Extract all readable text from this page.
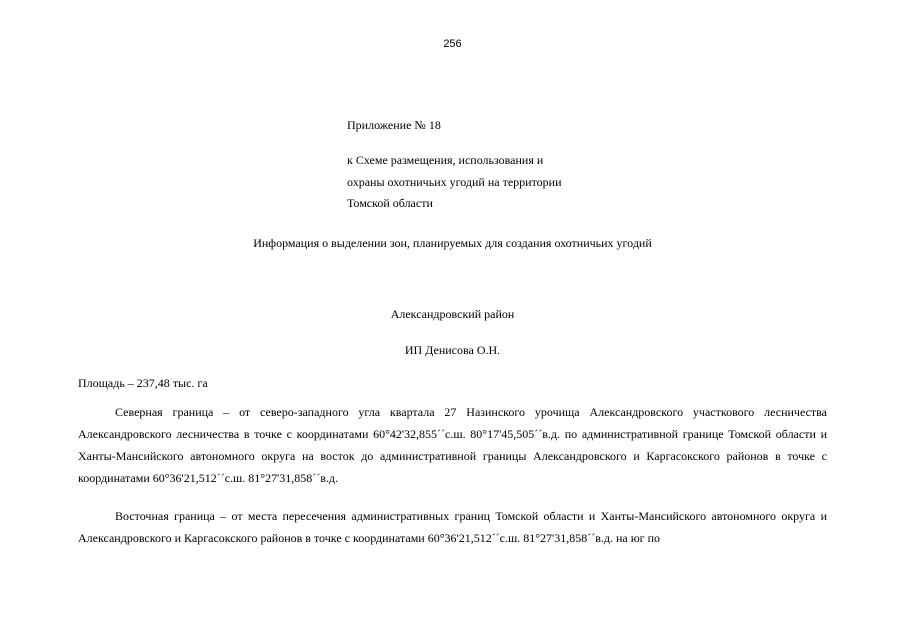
256
Приложение № 18
к Схеме размещения, использования и
охраны охотничьих угодий на территории
Томской области
Информация о выделении зон, планируемых для создания охотничьих угодий
Александровский район
ИП Денисова О.Н.
Площадь – 237,48 тыс. га

Северная граница – от северо-западного угла квартала 27 Назинского урочища Александровского участкового лесничества Александровского лесничества в точке с координатами 60°42'32,855´´с.ш. 80°17'45,505´´в.д. по административной границе Томской области и Ханты-Мансийского автономного округа на восток до административной границы Александровского и Каргасокского районов в точке с координатами 60°36'21,512´´с.ш. 81°27'31,858´´в.д.

Восточная граница – от места пересечения административных границ Томской области и Ханты-Мансийского автономного округа и Александровского и Каргасокского районов в точке с координатами 60°36'21,512´´с.ш. 81°27'31,858´´в.д. на юг по
